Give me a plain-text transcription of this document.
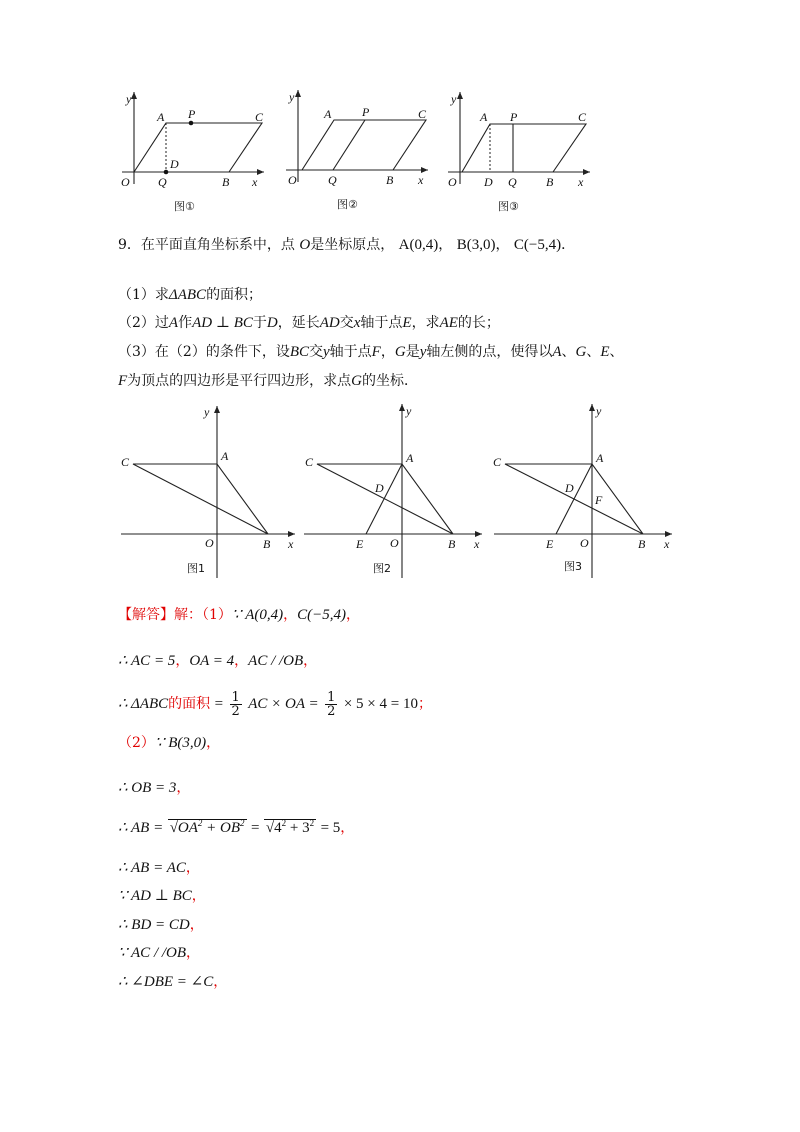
y
O
A P	C
D
Q	B x
图①
y
O
A	P	C
Q	B x
图②
y
O
A P	C
D Q B x
图③
9．在平面直角坐标系中，点 O是坐标原点， A(0,4)， B(3,0)， C(−5,4)．
（1）求ΔABC的面积；
（2）过A作AD ⊥ BC于D，延长AD交x轴于点E，求AE的长；
（3）在（2）的条件下，设BC交y轴于点F，G是y轴左侧的点，使得以A、G、E、
F为顶点的四边形是平行四边形，求点G的坐标．
y
C	A
O	B x
图1
y
C	A
D
E O	B x
图2
y
C	A
D
F
E O	B x
图3
【解答】解：（1）∵ A(0,4)，C(−5,4)，
∴ AC = 5，OA = 4，AC / /OB，
∴ ΔABC的面积 = $\frac{1}{2}$ AC × OA = $\frac{1}{2} \times 5 \times 4 = 10$；
（2）∵ B(3,0)，
∴ OB = 3，
∴ AB = $√OA^2 + OB^2 = √4^2 + 3^2 = 5$，
∴ AB = AC，
∵ AD ⊥ BC，
∴ BD = CD，
∵ AC / /OB，
∴ ∠DBE = ∠C，
